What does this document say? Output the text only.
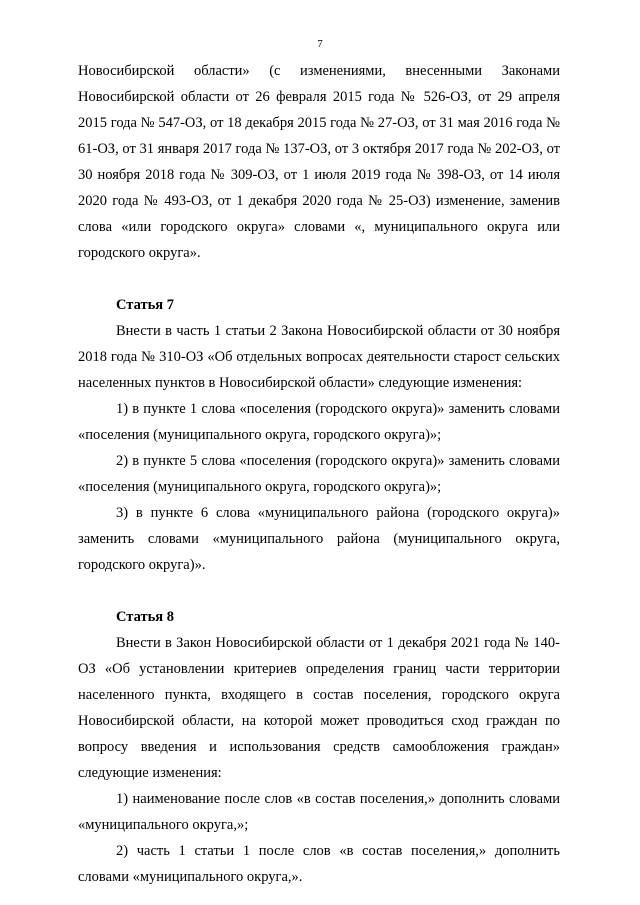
7

Новосибирской области» (с изменениями, внесенными Законами Новосибирской области от 26 февраля 2015 года № 526-ОЗ, от 29 апреля 2015 года № 547-ОЗ, от 18 декабря 2015 года № 27-ОЗ, от 31 мая 2016 года № 61-ОЗ, от 31 января 2017 года № 137-ОЗ, от 3 октября 2017 года № 202-ОЗ, от 30 ноября 2018 года № 309-ОЗ, от 1 июля 2019 года № 398-ОЗ, от 14 июля 2020 года № 493-ОЗ, от 1 декабря 2020 года № 25-ОЗ) изменение, заменив слова «или городского округа» словами «, муниципального округа или городского округа».

Статья 7

Внести в часть 1 статьи 2 Закона Новосибирской области от 30 ноября 2018 года № 310-ОЗ «Об отдельных вопросах деятельности старост сельских населенных пунктов в Новосибирской области» следующие изменения:

1) в пункте 1 слова «поселения (городского округа)» заменить словами «поселения (муниципального округа, городского округа)»;

2) в пункте 5 слова «поселения (городского округа)» заменить словами «поселения (муниципального округа, городского округа)»;

3) в пункте 6 слова «муниципального района (городского округа)» заменить словами «муниципального района (муниципального округа, городского округа)».

Статья 8

Внести в Закон Новосибирской области от 1 декабря 2021 года № 140-ОЗ «Об установлении критериев определения границ части территории населенного пункта, входящего в состав поселения, городского округа Новосибирской области, на которой может проводиться сход граждан по вопросу введения и использования средств самообложения граждан» следующие изменения:

1) наименование после слов «в состав поселения,» дополнить словами «муниципального округа,»;

2) часть 1 статьи 1 после слов «в состав поселения,» дополнить словами «муниципального округа,».
